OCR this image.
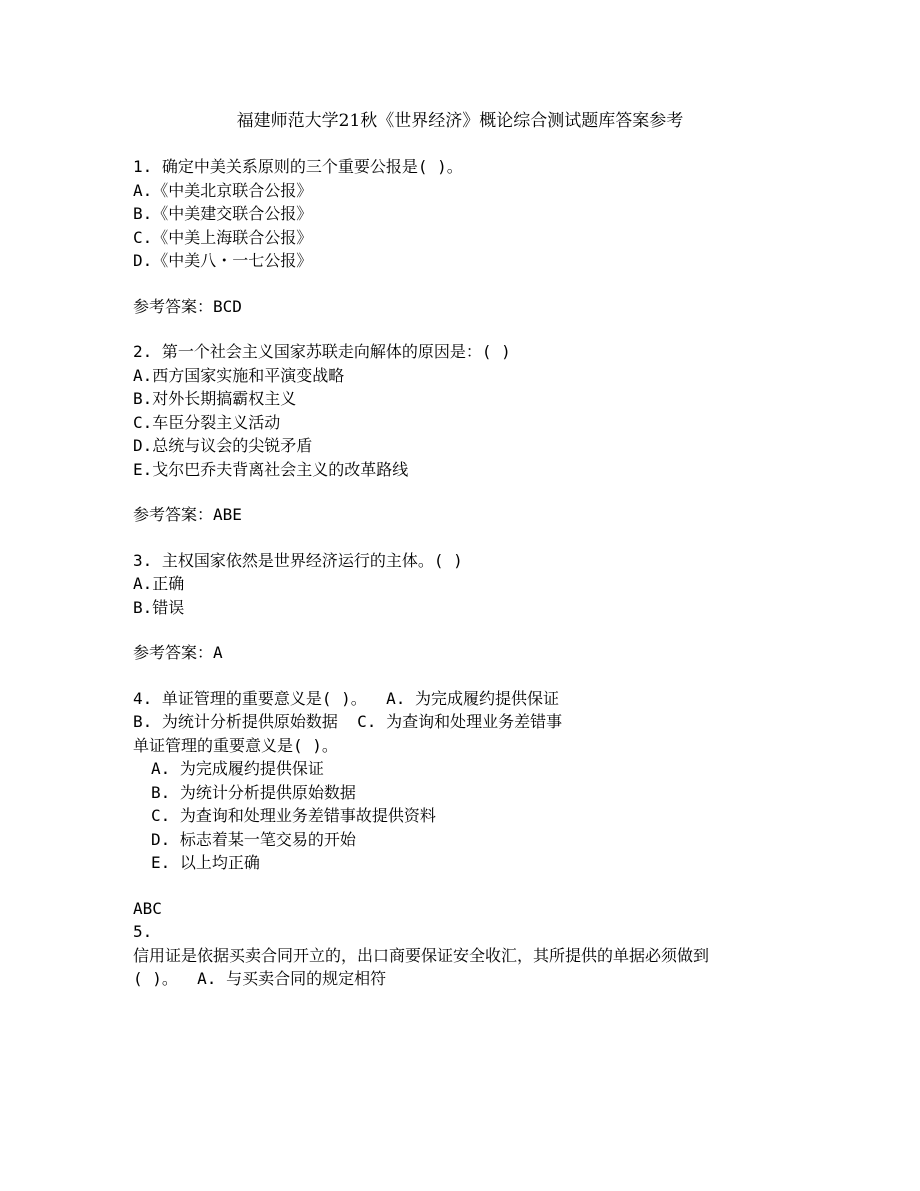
福建师范大学21秋《世界经济》概论综合测试题库答案参考
1. 确定中美关系原则的三个重要公报是( )。
A.《中美北京联合公报》
B.《中美建交联合公报》
C.《中美上海联合公报》
D.《中美八・一七公报》
参考答案：BCD
2. 第一个社会主义国家苏联走向解体的原因是：( )
A.西方国家实施和平演变战略
B.对外长期搞霸权主义
C.车臣分裂主义活动
D.总统与议会的尖锐矛盾
E.戈尔巴乔夫背离社会主义的改革路线
参考答案：ABE
3. 主权国家依然是世界经济运行的主体。( )
A.正确
B.错误
参考答案：A
4. 单证管理的重要意义是( )。  A. 为完成履约提供保证
B. 为统计分析提供原始数据  C. 为查询和处理业务差错事
单证管理的重要意义是( )。
A. 为完成履约提供保证
B. 为统计分析提供原始数据
C. 为查询和处理业务差错事故提供资料
D. 标志着某一笔交易的开始
E. 以上均正确
ABC
5.
信用证是依据买卖合同开立的，出口商要保证安全收汇，其所提供的单据必须做到
( )。  A. 与买卖合同的规定相符
